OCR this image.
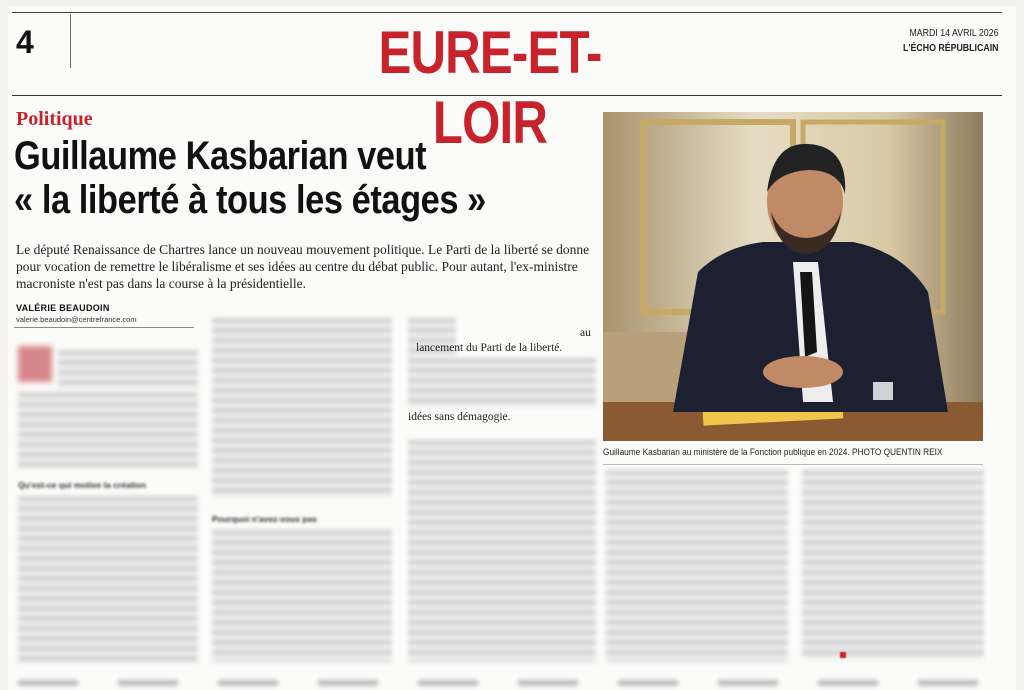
4	EURE-ET-LOIR
MARDI 14 AVRIL 2026
L'ÉCHO RÉPUBLICAIN
Politique
Guillaume Kasbarian veut
« la liberté à tous les étages »
Le député Renaissance de Chartres lance un nouveau mouvement politique. Le Parti de la liberté se donne pour vocation de remettre le libéralisme et ses idées au centre du débat public. Pour autant, l'ex-ministre macroniste n'est pas dans la course à la présidentielle.
VALÉRIE BEAUDOIN
valerie.beaudoin@centrefrance.com
Guillaume Kasbarian au ministère de la Fonction publique en 2024. PHOTO QUENTIN REIX
Qu'est-ce qui motive la création
Pourquoi n'avez-vous pas
au
lancement du Parti de la liberté.
idées sans démagogie.
